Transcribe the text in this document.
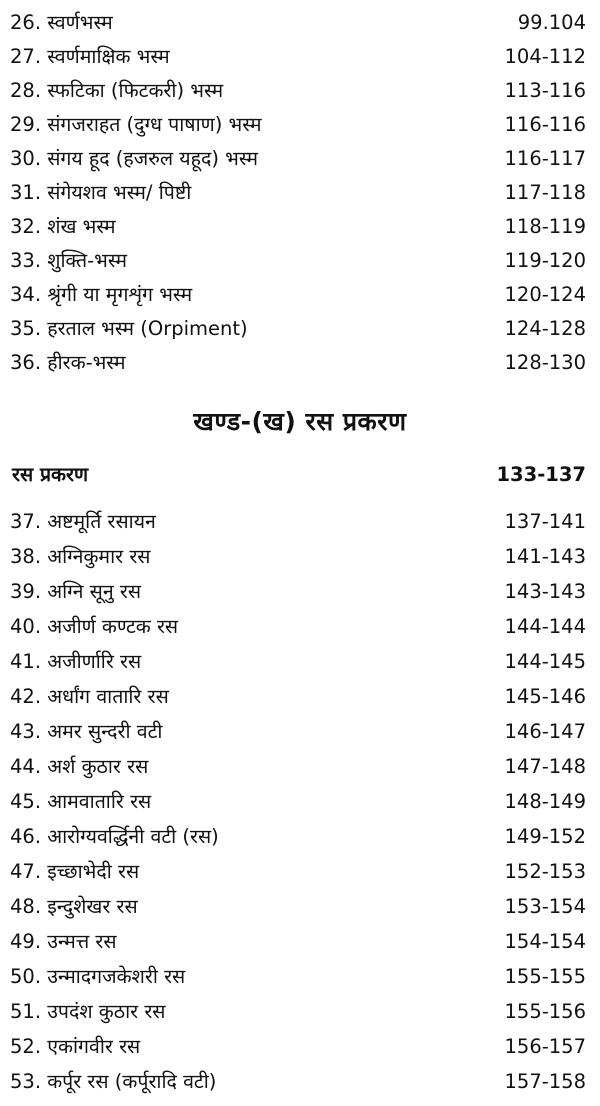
26. स्वर्णभस्म	99.104
27. स्वर्णमाक्षिक भस्म	104-112
28. स्फटिका (फिटकरी) भस्म	113-116
29. संगजराहत (दुग्ध पाषाण) भस्म	116-116
30. संगय हूद (हजरुल यहूद) भस्म	116-117
31. संगेयशव भस्म/ पिष्टी	117-118
32. शंख भस्म	118-119
33. शुक्ति-भस्म	119-120
34. श्रृंगी या मृगशृंग भस्म	120-124
35. हरताल भस्म (Orpiment)	124-128
36. हीरक-भस्म	128-130
खण्ड-(ख) रस प्रकरण
रस प्रकरण	133-137
37. अष्टमूर्ति रसायन	137-141
38. अग्निकुमार रस	141-143
39. अग्नि सूनु रस	143-143
40. अजीर्ण कण्टक रस	144-144
41. अजीर्णारि रस	144-145
42. अर्धांग वातारि रस	145-146
43. अमर सुन्दरी वटी	146-147
44. अर्श कुठार रस	147-148
45. आमवातारि रस	148-149
46. आरोग्यवर्द्धिनी वटी (रस)	149-152
47. इच्छाभेदी रस	152-153
48. इन्दुशेखर रस	153-154
49. उन्मत्त रस	154-154
50. उन्मादगजकेशरी रस	155-155
51. उपदंश कुठार रस	155-156
52. एकांगवीर रस	156-157
53. कर्पूर रस (कर्पूरादि वटी)	157-158
